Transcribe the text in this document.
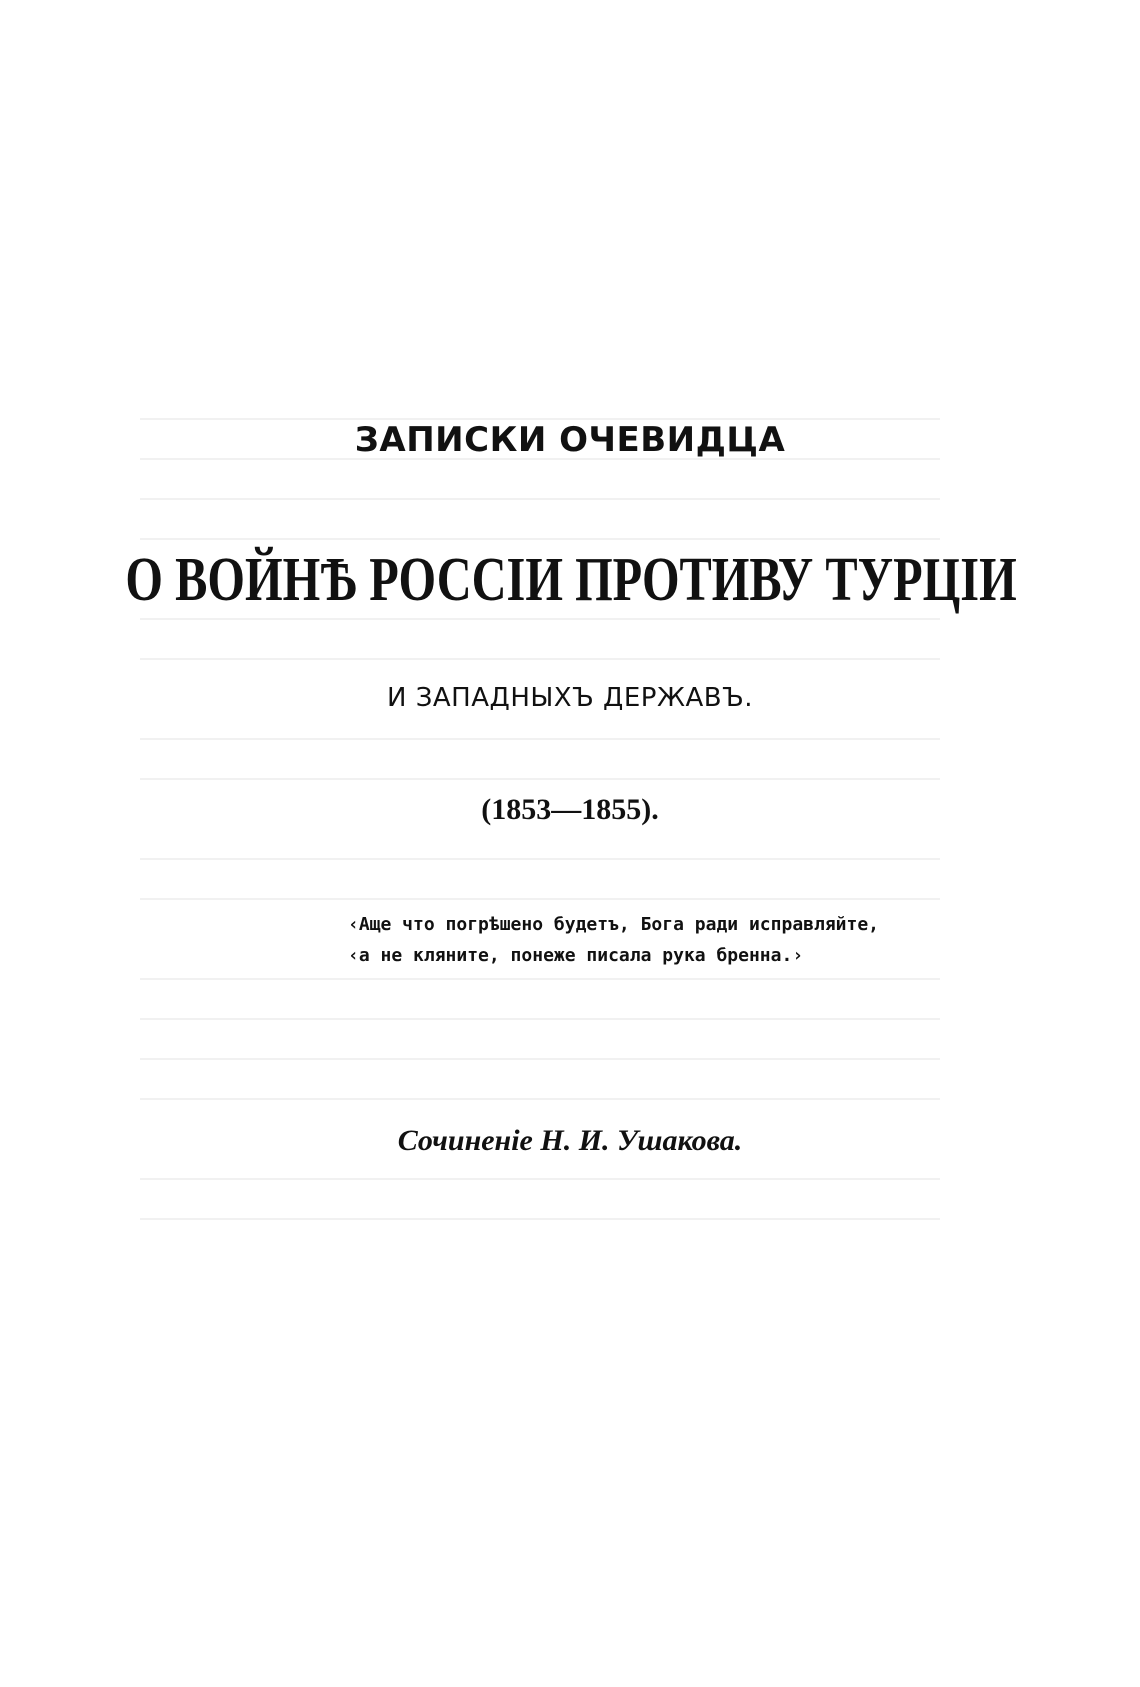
ЗАПИСКИ ОЧЕВИДЦА
О ВОЙНѢ РОССІИ ПРОТИВУ ТУРЦІИ
И ЗАПАДНЫХЪ ДЕРЖАВЪ.
(1853—1855).
‹Аще что погрѣшено будетъ, Бога ради исправляйте,
‹а не кляните, понеже писала рука бренна.›
Сочиненіе Н. И. Ушакова.
